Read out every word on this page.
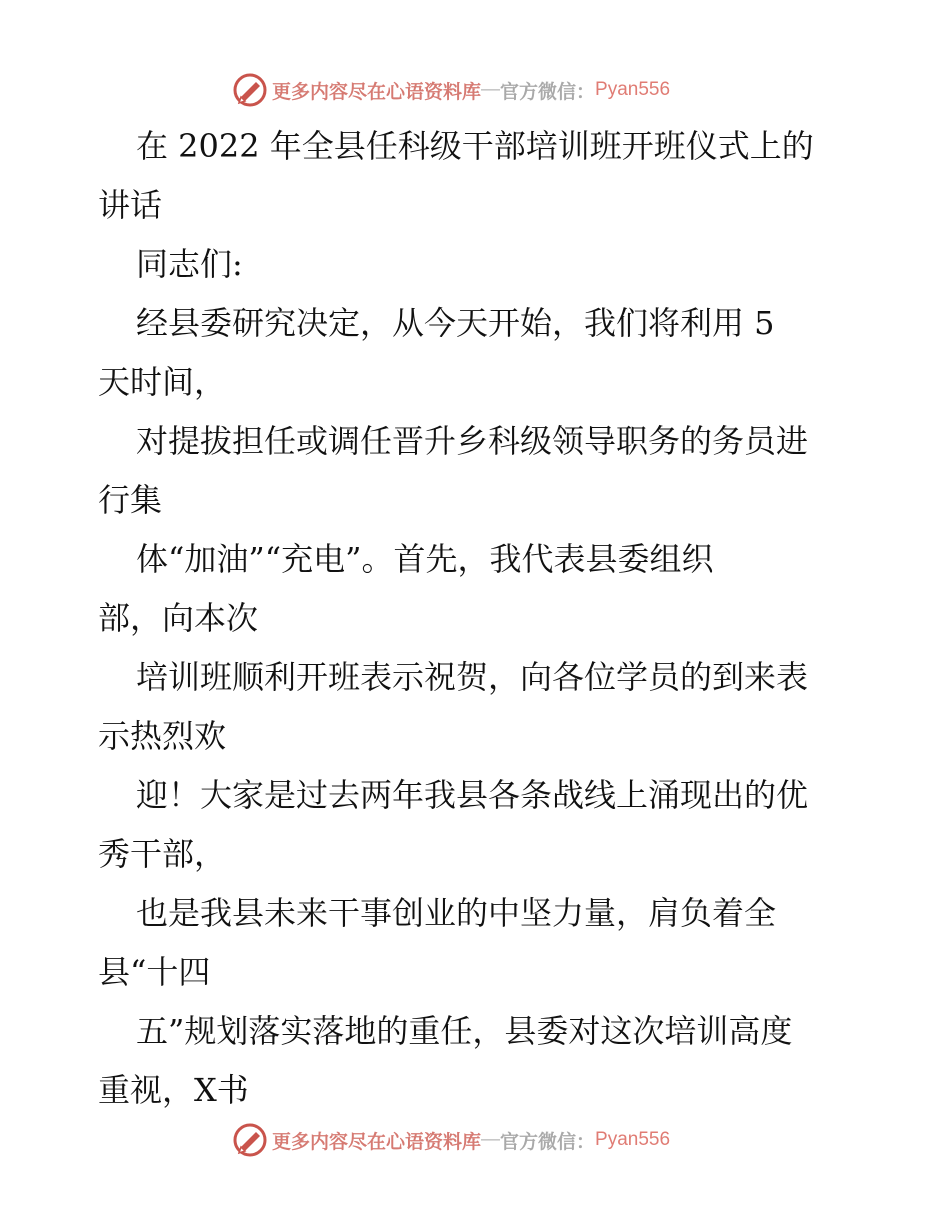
更多内容尽在心语资料库 — 官方微信： Pyan556
在 2022 年全县任科级干部培训班开班仪式上的
讲话
同志们:
经县委研究决定，从今天开始，我们将利用 5
天时间，
对提拔担任或调任晋升乡科级领导职务的务员进
行集
体“加油”“充电”。首先，我代表县委组织
部，向本次
培训班顺利开班表示祝贺，向各位学员的到来表
示热烈欢
迎！大家是过去两年我县各条战线上涌现出的优
秀干部，
也是我县未来干事创业的中坚力量，肩负着全
县“十四
五”规划落实落地的重任，县委对这次培训高度
重视，X书
更多内容尽在心语资料库 — 官方微信： Pyan556
